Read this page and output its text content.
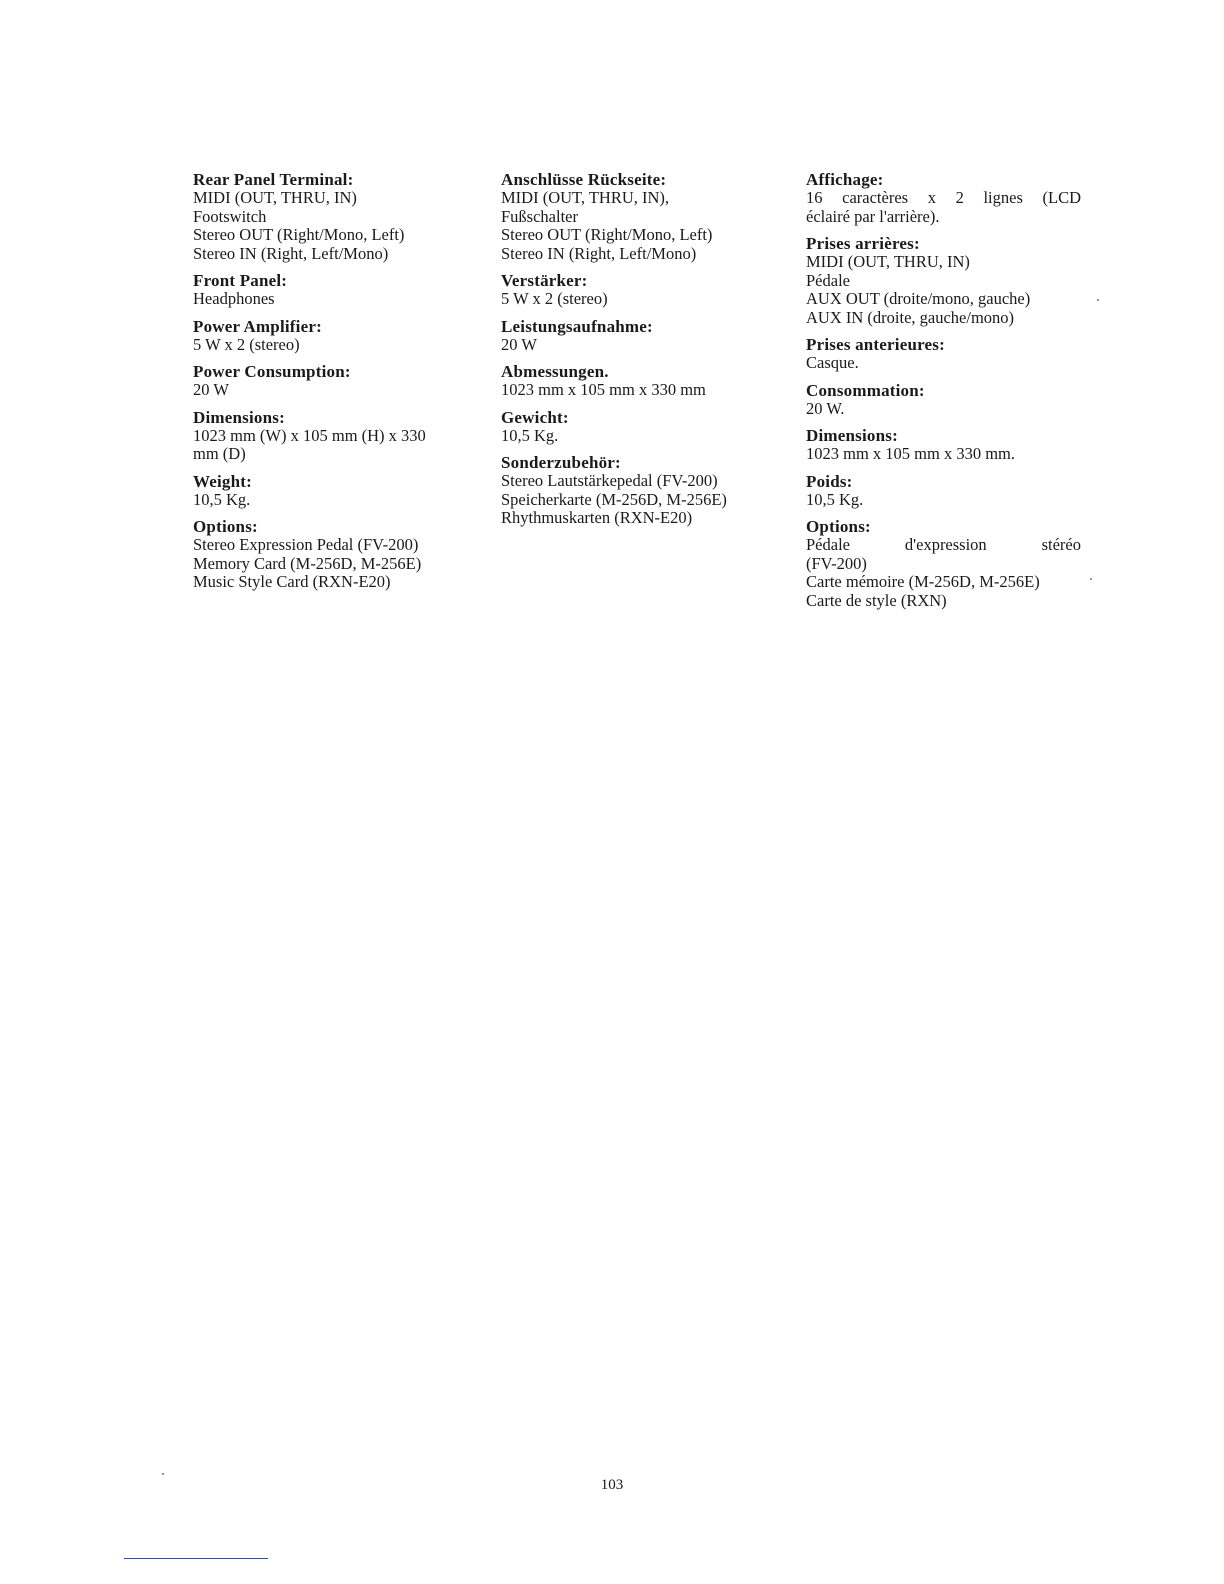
Rear Panel Terminal:
MIDI (OUT, THRU, IN)
Footswitch
Stereo OUT (Right/Mono, Left)
Stereo IN (Right, Left/Mono)
Front Panel:
Headphones
Power Amplifier:
5 W x 2 (stereo)
Power Consumption:
20 W
Dimensions:
1023 mm (W) x 105 mm (H) x 330
mm (D)
Weight:
10,5 Kg.
Options:
Stereo Expression Pedal (FV-200)
Memory Card (M-256D, M-256E)
Music Style Card (RXN-E20)
Anschlüsse Rückseite:
MIDI (OUT, THRU, IN),
Fußschalter
Stereo OUT (Right/Mono, Left)
Stereo IN (Right, Left/Mono)
Verstärker:
5 W x 2 (stereo)
Leistungsaufnahme:
20 W
Abmessungen.
1023 mm x 105 mm x 330 mm
Gewicht:
10,5 Kg.
Sonderzubehör:
Stereo Lautstärkepedal (FV-200)
Speicherkarte (M-256D, M-256E)
Rhythmuskarten (RXN-E20)
Affichage:
16 caractères x 2 lignes (LCD
éclairé par l'arrière).
Prises arrières:
MIDI (OUT, THRU, IN)
Pédale
AUX OUT (droite/mono, gauche)
AUX IN (droite, gauche/mono)
Prises anterieures:
Casque.
Consommation:
20 W.
Dimensions:
1023 mm x 105 mm x 330 mm.
Poids:
10,5 Kg.
Options:
Pédale d'expression stéréo
(FV-200)
Carte mémoire (M-256D, M-256E)
Carte de style (RXN)
103
